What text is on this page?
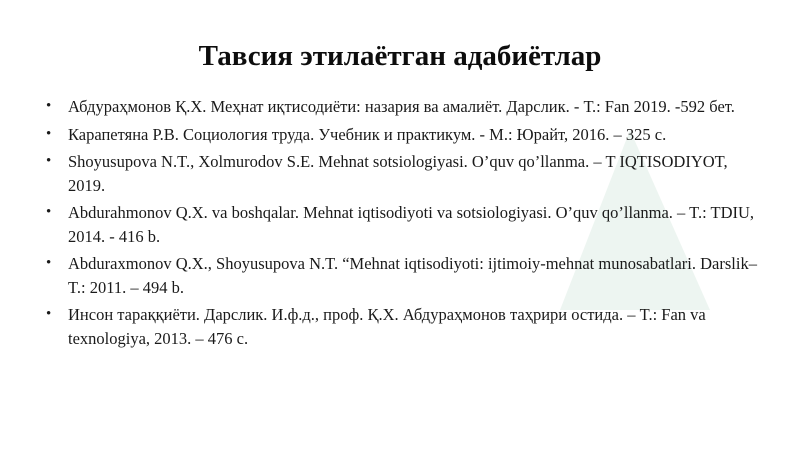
Тавсия этилаётган адабиётлар
• Абдураҳмонов Қ.Х. Меҳнат иқтисодиёти: назария ва амалиёт. Дарслик. - Т.: Fan 2019. -592 бет.
• Карапетяна Р.В. Социология труда. Учебник и практикум. - М.: Юрайт, 2016. – 325 с.
• Shoyusupova N.T., Xolmurodov S.E. Mehnat sotsiologiyasi. O’quv qo’llanma. – T IQTISODIYOT, 2019.
• Abdurahmonov Q.X. va boshqalar. Mehnat iqtisodiyoti va sotsiologiyasi. O’quv qo’llanma. – T.: TDIU, 2014. - 416 b.
• Abduraxmonov Q.X., Shoyusupova N.T. “Mehnat iqtisodiyoti: ijtimoiy-mehnat munosabatlari. Darslik– T.: 2011. – 494 b.
• Инсон тараққиёти. Дарслик. И.ф.д., проф. Қ.Х. Абдураҳмонов таҳрири остида. – T.: Fan va texnologiya, 2013. – 476 с.
